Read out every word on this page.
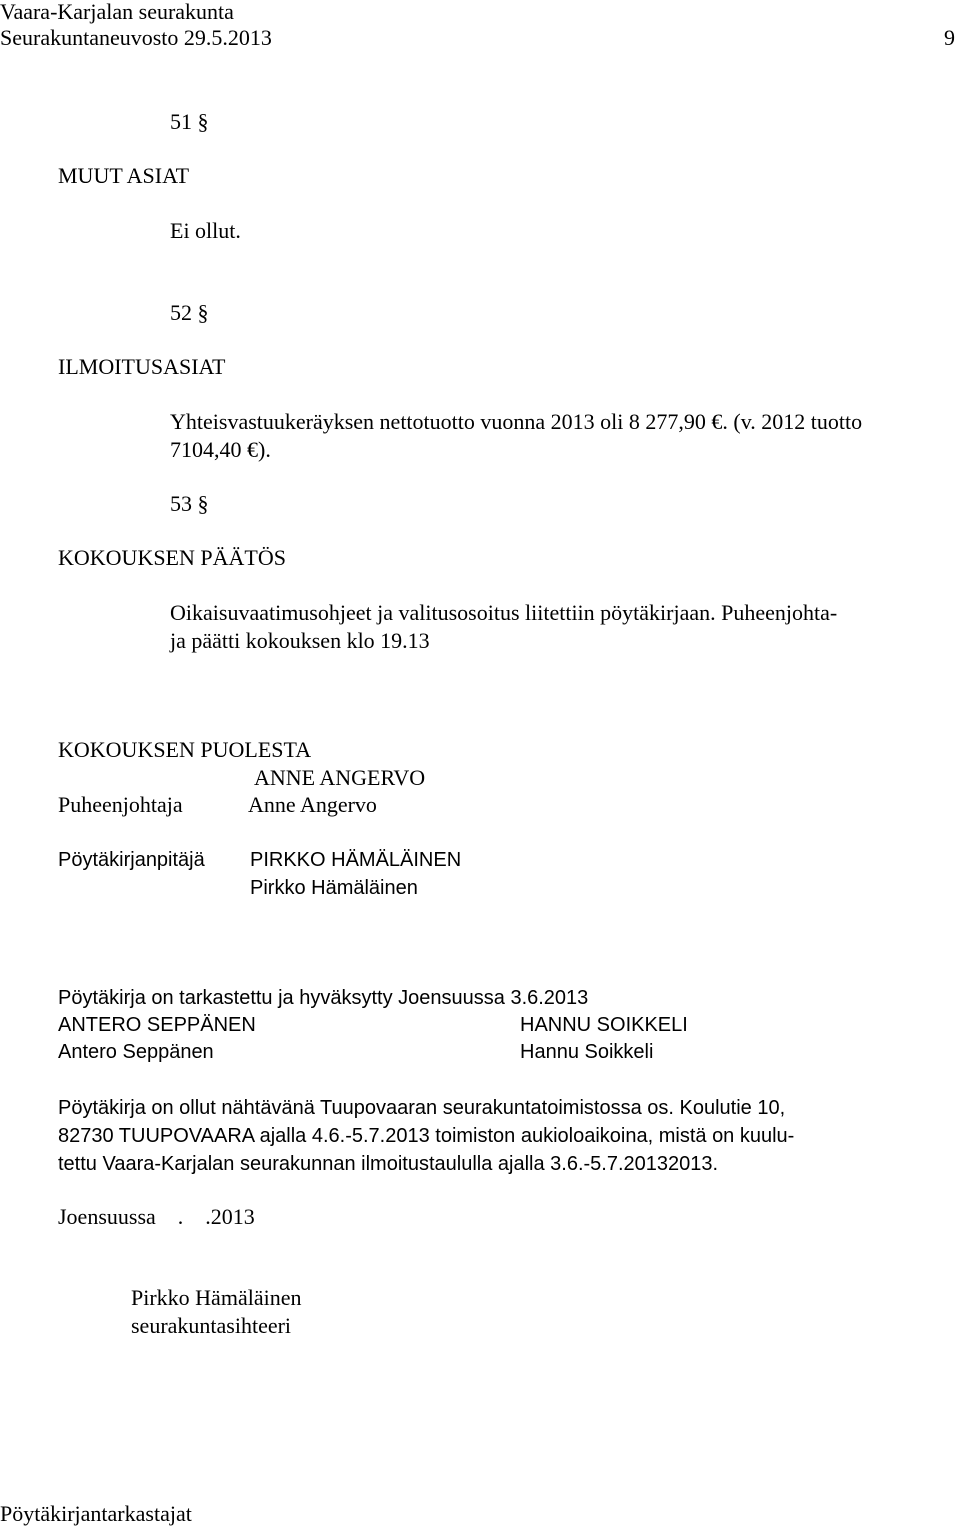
Vaara-Karjalan seurakunta
Seurakuntaneuvosto 29.5.2013	9
51 §
MUUT ASIAT
Ei ollut.
52 §
ILMOITUSASIAT
Yhteisvastuukeräyksen nettotuotto vuonna 2013 oli 8 277,90 €. (v. 2012 tuotto
7104,40 €).
53 §
KOKOUKSEN PÄÄTÖS
Oikaisuvaatimusohjeet ja valitusosoitus liitettiin pöytäkirjaan. Puheenjohta-
ja päätti kokouksen klo 19.13
KOKOUKSEN PUOLESTA
ANNE ANGERVO
Puheenjohtaja	Anne Angervo
Pöytäkirjanpitäjä PIRKKO HÄMÄLÄINEN
Pirkko Hämäläinen
Pöytäkirja on tarkastettu ja hyväksytty Joensuussa 3.6.2013
ANTERO SEPPÄNEN	HANNU SOIKKELI
Antero Seppänen	Hannu Soikkeli
Pöytäkirja on ollut nähtävänä Tuupovaaran seurakuntatoimistossa os. Koulutie 10,
82730 TUUPOVAARA ajalla 4.6.-5.7.2013 toimiston aukioloaikoina, mistä on kuulu-
tettu Vaara-Karjalan seurakunnan ilmoitustaululla ajalla 3.6.-5.7.20132013.
Joensuussa    .    .2013
Pirkko Hämäläinen
seurakuntasihteeri
Pöytäkirjantarkastajat
